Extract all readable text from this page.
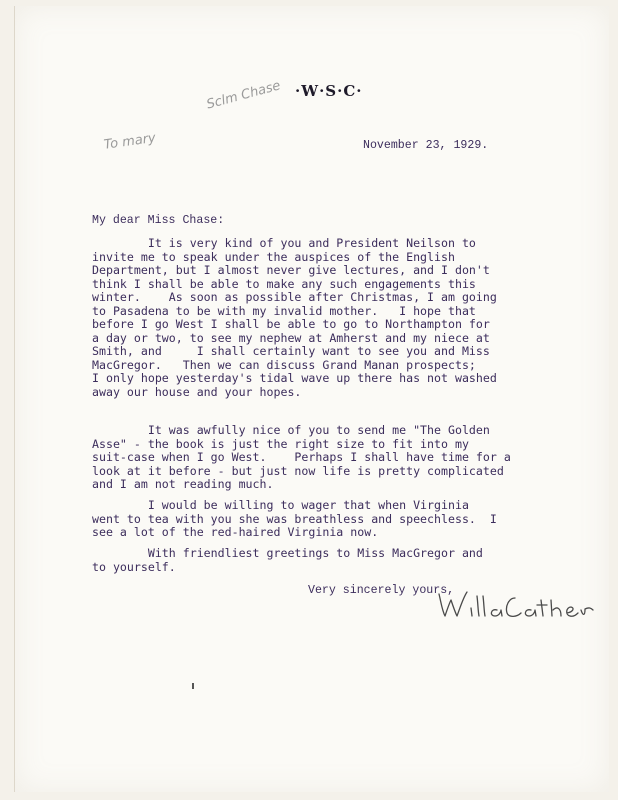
·W·S·C·
Sclm Chase
To mary	November 23, 1929.
My dear Miss Chase:
It is very kind of you and President Neilson to
invite me to speak under the auspices of the English
Department, but I almost never give lectures, and I don't
think I shall be able to make any such engagements this
winter.    As soon as possible after Christmas, I am going
to Pasadena to be with my invalid mother.   I hope that
before I go West I shall be able to go to Northampton for
a day or two, to see my nephew at Amherst and my niece at
Smith, and     I shall certainly want to see you and Miss
MacGregor.   Then we can discuss Grand Manan prospects;
I only hope yesterday's tidal wave up there has not washed
away our house and your hopes.
It was awfully nice of you to send me "The Golden
Asse" - the book is just the right size to fit into my
suit-case when I go West.    Perhaps I shall have time for a
look at it before - but just now life is pretty complicated
and I am not reading much.
I would be willing to wager that when Virginia
went to tea with you she was breathless and speechless.  I
see a lot of the red-haired Virginia now.
With friendliest greetings to Miss MacGregor and
to yourself.
Very sincerely yours,
